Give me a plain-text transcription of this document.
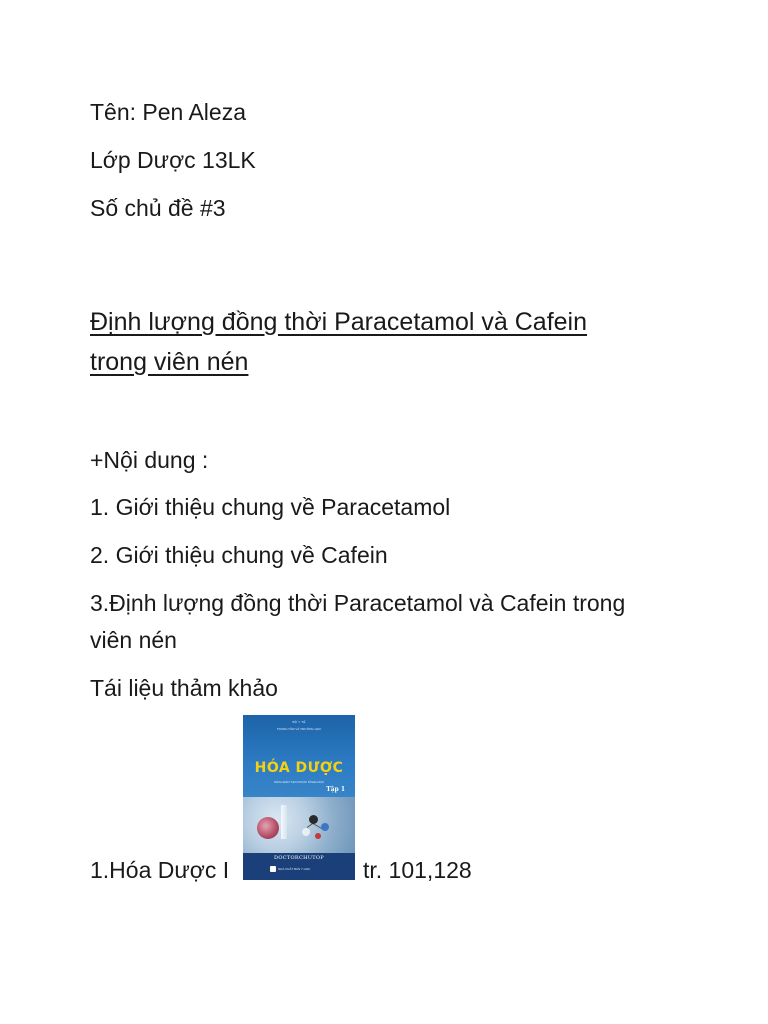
Tên: Pen Aleza
Lớp Dược 13LK
Số chủ đề #3
Định lượng đồng thời Paracetamol và Cafein
trong viên nén
+Nội dung :
1. Giới thiệu chung về Paracetamol
2. Giới thiệu chung về Cafein
3.Định lượng đồng thời Paracetamol và Cafein trong
viên nén
Tái liệu thảm khảo
BỘ Y TẾ
TRUNG TÂM VÀ TRƯỜNG HỌC
HÓA DƯỢC
SÁCH ĐÀO TẠO DƯỢC SĨ ĐẠI HỌC
Tập 1
DOCTORCHUTOP
NHÀ XUẤT BẢN Y HỌC
1.Hóa Dược I	tr. 101,128
